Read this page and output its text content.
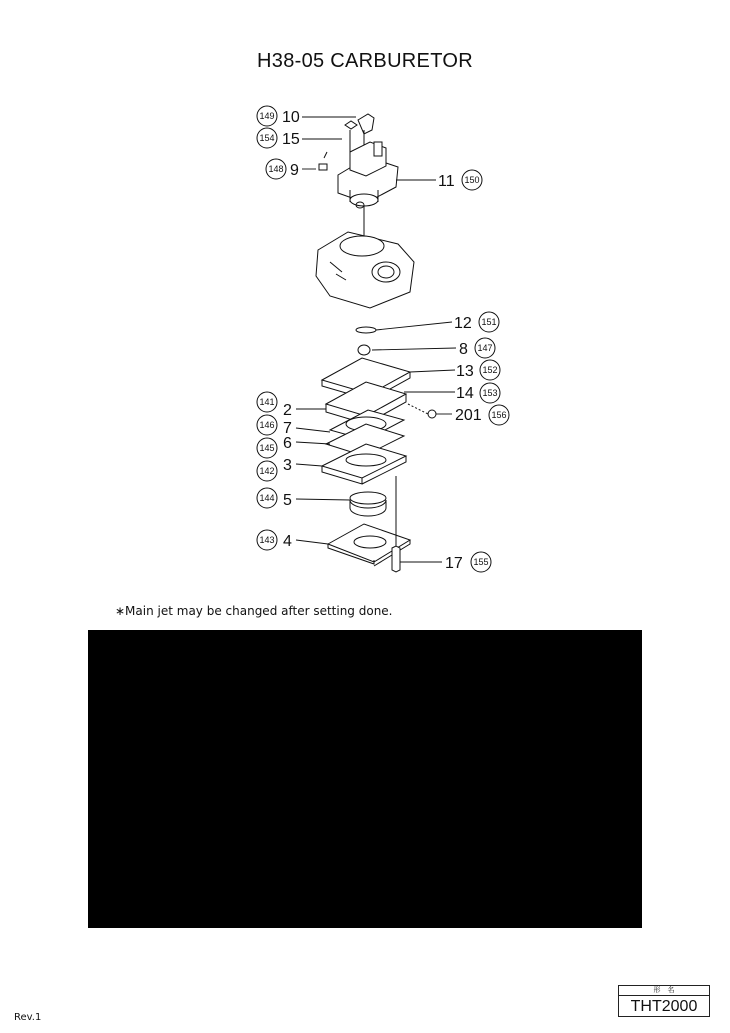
H38-05 CARBURETOR
149 10
154 15
148 9
11 150
12 151
8 147
13 152
14 153
201 156
141 2
146 7
145 6
142 3
144 5
143 4
17 155
∗Main jet may be changed after setting done.
Rev.1
形　名
THT2000
